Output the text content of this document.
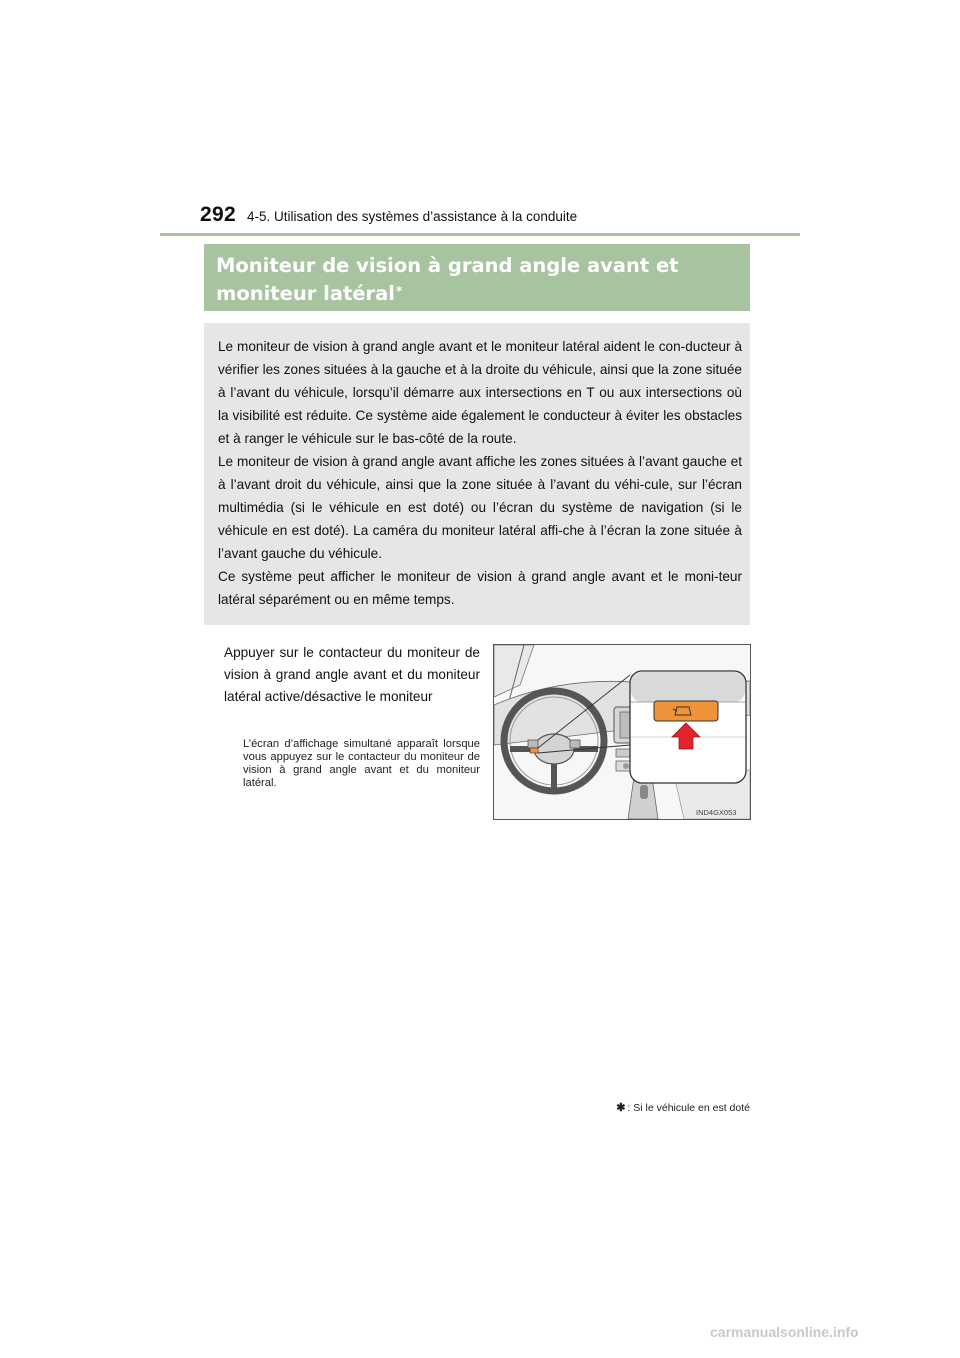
292 4-5. Utilisation des systèmes d’assistance à la conduite
Moniteur de vision à grand angle avant et moniteur latéral*

Le moniteur de vision à grand angle avant et le moniteur latéral aident le con-ducteur à vérifier les zones situées à la gauche et à la droite du véhicule, ainsi que la zone située à l’avant du véhicule, lorsqu’il démarre aux intersections en T ou aux intersections où la visibilité est réduite. Ce système aide également le conducteur à éviter les obstacles et à ranger le véhicule sur le bas-côté de la route.

Le moniteur de vision à grand angle avant affiche les zones situées à l’avant gauche et à l’avant droit du véhicule, ainsi que la zone située à l’avant du véhi-cule, sur l’écran multimédia (si le véhicule en est doté) ou l’écran du système de navigation (si le véhicule en est doté). La caméra du moniteur latéral affi-che à l’écran la zone située à l’avant gauche du véhicule.

Ce système peut afficher le moniteur de vision à grand angle avant et le moni-teur latéral séparément ou en même temps.

Appuyer sur le contacteur du moniteur de vision à grand angle avant et du moniteur latéral active/désactive le moniteur
L’écran d’affichage simultané apparaît lorsque vous appuyez sur le contacteur du moniteur de vision à grand angle avant et du moniteur latéral.
IND4GX053
✱ : Si le véhicule en est doté
carmanualsonline.info
